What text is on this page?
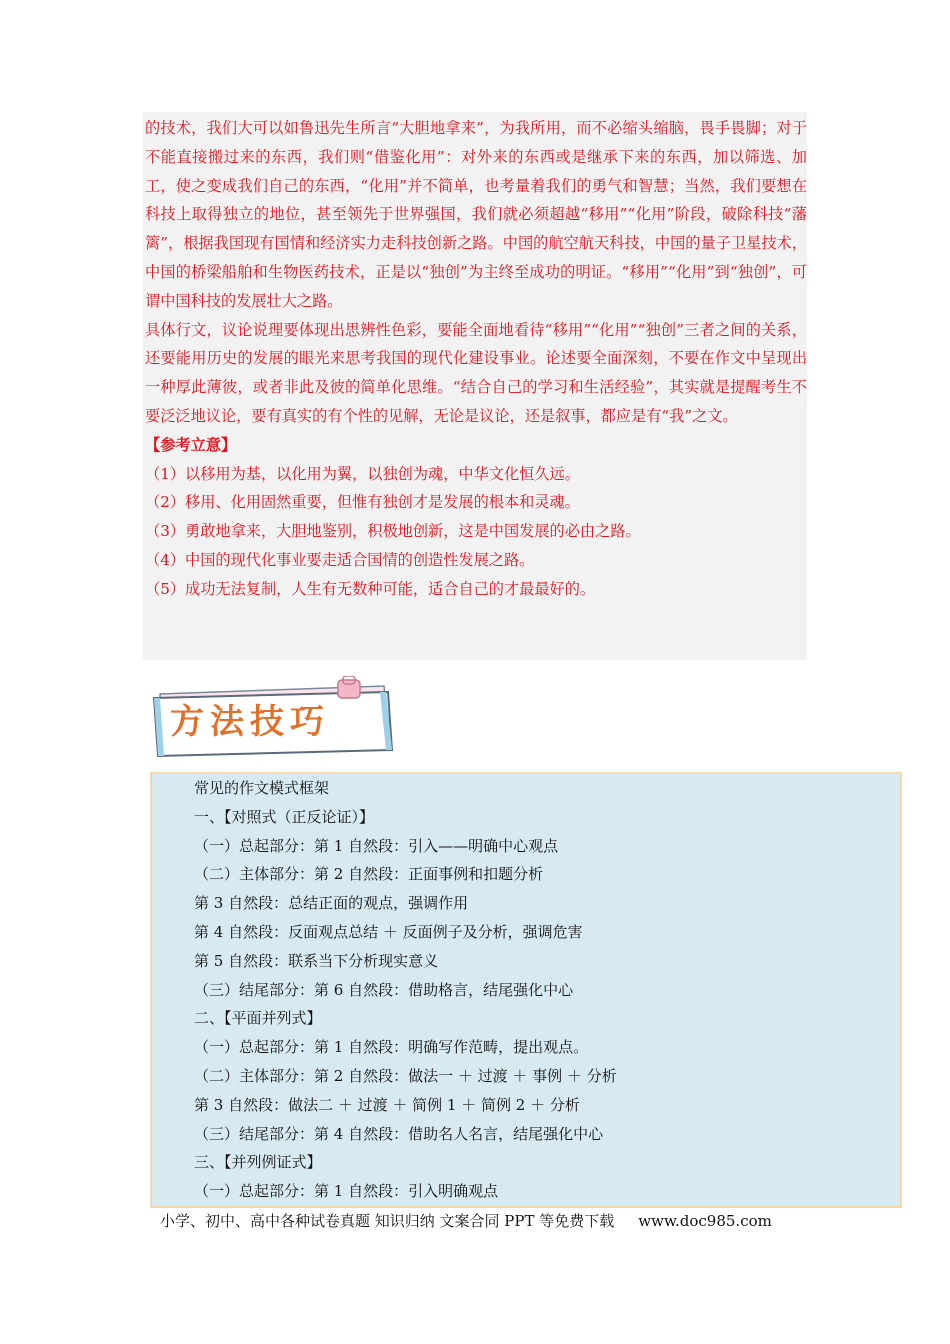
的技术，我们大可以如鲁迅先生所言“大胆地拿来”，为我所用，而不必缩头缩脑，畏手畏脚；对于不能直接搬过来的东西，我们则“借鉴化用”：对外来的东西或是继承下来的东西，加以筛选、加工，使之变成我们自己的东西，“化用”并不简单，也考量着我们的勇气和智慧；当然，我们要想在科技上取得独立的地位，甚至领先于世界强国，我们就必须超越“移用”“化用”阶段，破除科技“藩篱”，根据我国现有国情和经济实力走科技创新之路。中国的航空航天科技，中国的量子卫星技术，中国的桥梁船舶和生物医药技术，正是以“独创”为主终至成功的明证。“移用”“化用”到“独创”，可谓中国科技的发展壮大之路。

具体行文，议论说理要体现出思辨性色彩，要能全面地看待“移用”“化用”“独创”三者之间的关系，还要能用历史的发展的眼光来思考我国的现代化建设事业。论述要全面深刻，不要在作文中呈现出一种厚此薄彼，或者非此及彼的简单化思维。“结合自己的学习和生活经验”，其实就是提醒考生不要泛泛地议论，要有真实的有个性的见解，无论是议论，还是叙事，都应是有“我”之文。

【参考立意】
（1）以移用为基，以化用为翼，以独创为魂，中华文化恒久远。
（2）移用、化用固然重要，但惟有独创才是发展的根本和灵魂。
（3）勇敢地拿来，大胆地鉴别，积极地创新，这是中国发展的必由之路。
（4）中国的现代化事业要走适合国情的创造性发展之路。
（5）成功无法复制，人生有无数种可能，适合自己的才最最好的。
方法技巧
常见的作文模式框架
一、【对照式（正反论证）】
（一）总起部分：第 1 自然段：引入——明确中心观点
（二）主体部分：第 2 自然段：正面事例和扣题分析
第 3 自然段：总结正面的观点，强调作用
第 4 自然段：反面观点总结 ＋ 反面例子及分析，强调危害
第 5 自然段：联系当下分析现实意义
（三）结尾部分：第 6 自然段：借助格言，结尾强化中心
二、【平面并列式】
（一）总起部分：第 1 自然段：明确写作范畴，提出观点。
（二）主体部分：第 2 自然段：做法一 ＋ 过渡 ＋ 事例 ＋ 分析
第 3 自然段：做法二 ＋ 过渡 ＋ 简例 1 ＋ 简例 2 ＋ 分析
（三）结尾部分：第 4 自然段：借助名人名言，结尾强化中心
三、【并列例证式】
（一）总起部分：第 1 自然段：引入明确观点
小学、初中、高中各种试卷真题 知识归纳 文案合同 PPT 等免费下载 www.doc985.com
